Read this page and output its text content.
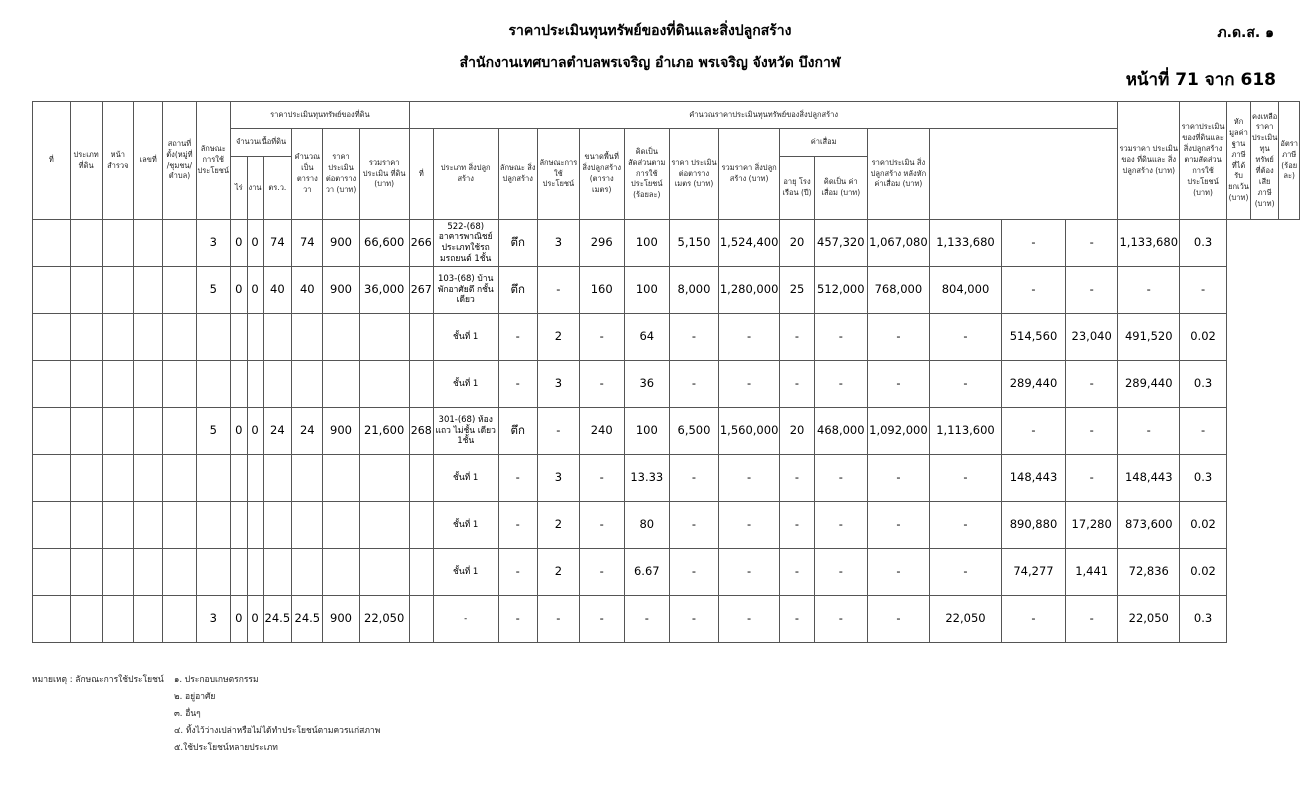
ราคาประเมินทุนทรัพย์ของที่ดินและสิ่งปลูกสร้าง	ภ.ด.ส. ๑
สำนักงานเทศบาลตำบลพรเจริญ อำเภอ พรเจริญ จังหวัด บึงกาฬ
หน้าที่ 71 จาก 618
ที่	ประเภท ที่ดิน	หน้า สำรวจ	เลขที่	สถานที่ ตั้ง(หมู่ที่ /ชุมชน/ ตำบล)	ลักษณะ การใช้ ประโยชน์	ราคาประเมินทุนทรัพย์ของที่ดิน						คำนวณราคาประเมินทุนทรัพย์ของสิ่งปลูกสร้าง														รวมราคา ประเมินของ ที่ดินและ สิ่งปลูกสร้าง (บาท)	ราคาประเมิน ของที่ดินและ สิ่งปลูกสร้าง ตามสัดส่วน การใช้ประโยชน์ (บาท)	หักมูลค่า ฐานภาษี ที่ได้รับ ยกเว้น (บาท)	คงเหลือ ราคาประเมิน ทุนทรัพย์ ที่ต้องเสียภาษี (บาท)	อัตราภาษี (ร้อยละ)
						จำนวนเนื้อที่ดิน			คำนวณ เป็น ตารางวา	ราคา ประเมิน ต่อตารางวา (บาท)	รวมราคา ประเมิน ที่ดิน (บาท)	ที่	ประเภท สิ่งปลูกสร้าง	ลักษณะ สิ่งปลูกสร้าง	ลักษณะการ ใช้ประโยชน์	ขนาดพื้นที่ สิ่งปลูกสร้าง (ตารางเมตร)	คิดเป็น สัดส่วนตาม การใช้ ประโยชน์ (ร้อยละ)	ราคา ประเมิน ต่อตารางเมตร (บาท)	รวมราคา สิ่งปลูกสร้าง (บาท)	ค่าเสื่อม		ราคาประเมิน สิ่งปลูกสร้าง หลังหัก ค่าเสื่อม (บาท)								
						ไร่	งาน	ตร.ว.												อายุ โรงเรือน (ปี)	คิดเป็น ค่าเสื่อม (บาท)									
					3	0	0	74	74	900	66,600	266	522-(68) อาคารพาณิชย์ ประเภทใช้รถ มรถยนต์ 1ชั้น	ตึก	3	296	100	5,150	1,524,400	20	457,320	1,067,080	1,133,680	-	-	1,133,680	0.3			
					5	0	0	40	40	900	36,000	267	103-(68) บ้านพักอาศัยตึ กชั้นเดียว	ตึก	-	160	100	8,000	1,280,000	25	512,000	768,000	804,000	-	-	-	-			
													ชั้นที่ 1	-	2	-	64	-	-	-	-	-	-	514,560	23,040	491,520	0.02			
													ชั้นที่ 1	-	3	-	36	-	-	-	-	-	-	289,440	-	289,440	0.3			
					5	0	0	24	24	900	21,600	268	301-(68) ห้องแถว ไม่ชั้น เดียว 1ชั้น	ตึก	-	240	100	6,500	1,560,000	20	468,000	1,092,000	1,113,600	-	-	-	-			
													ชั้นที่ 1	-	3	-	13.33	-	-	-	-	-	-	148,443	-	148,443	0.3			
													ชั้นที่ 1	-	2	-	80	-	-	-	-	-	-	890,880	17,280	873,600	0.02			
													ชั้นที่ 1	-	2	-	6.67	-	-	-	-	-	-	74,277	1,441	72,836	0.02			
					3	0	0	24.5	24.5	900	22,050		-	-	-	-	-	-	-	-	-	-	22,050	-	-	22,050	0.3			
หมายเหตุ : ลักษณะการใช้ประโยชน์ ๑. ประกอบเกษตรกรรม
๒. อยู่อาศัย
๓. อื่นๆ
๔. ทิ้งไว้ว่างเปล่าหรือไม่ได้ทำประโยชน์ตามควรแก่สภาพ
๕.ใช้ประโยชน์หลายประเภท
